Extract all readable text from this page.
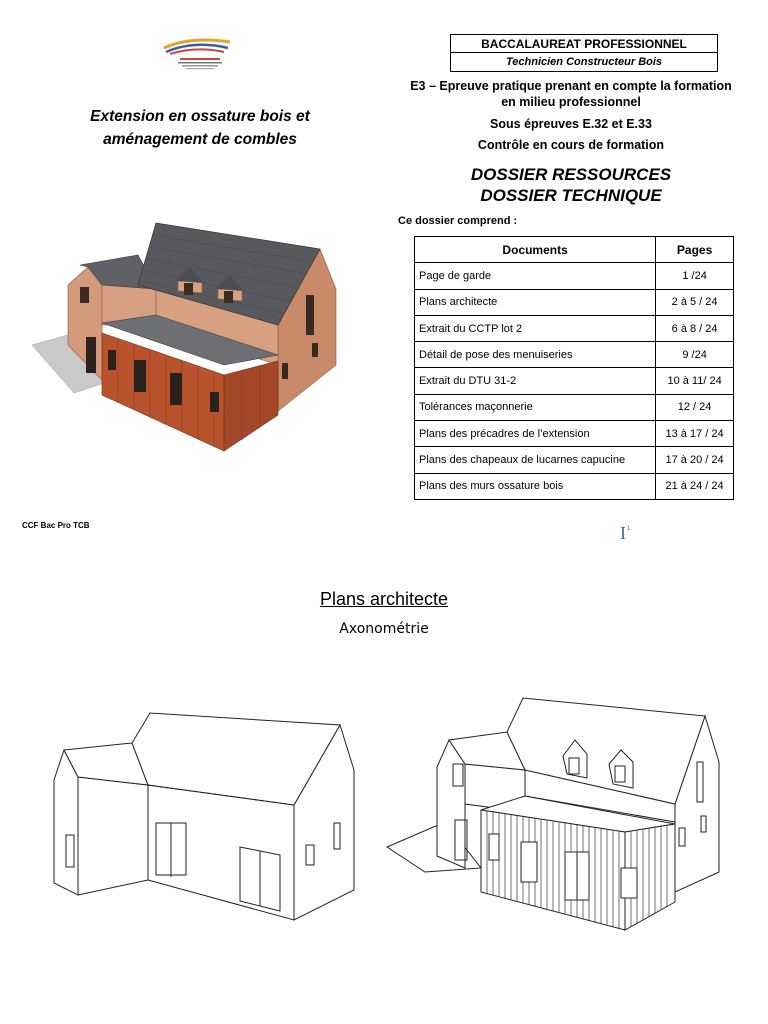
BACCALAUREAT PROFESSIONNEL
Technicien Constructeur Bois
E3 – Epreuve pratique prenant en compte la formation
en milieu professionnel
Sous épreuves E.32 et E.33
Contrôle en cours de formation
DOSSIER RESSOURCES
DOSSIER TECHNIQUE
Extension en ossature bois et
aménagement de combles
Ce dossier comprend :
Documents	Pages
Page de garde	1 /24
Plans architecte	2 à 5 / 24
Extrait du CCTP lot 2	6 à 8 / 24
Détail de pose des menuiseries	9 /24
Extrait du DTU 31-2	10 à 11/ 24
Tolérances maçonnerie	12 / 24
Plans des précadres de l’extension	13 à 17 / 24
Plans des chapeaux de lucarnes capucine	17 à 20 / 24
Plans des murs ossature bois	21 à 24 / 24
CCF Bac Pro TCB	I 1
Plans architecte
Axonométrie
